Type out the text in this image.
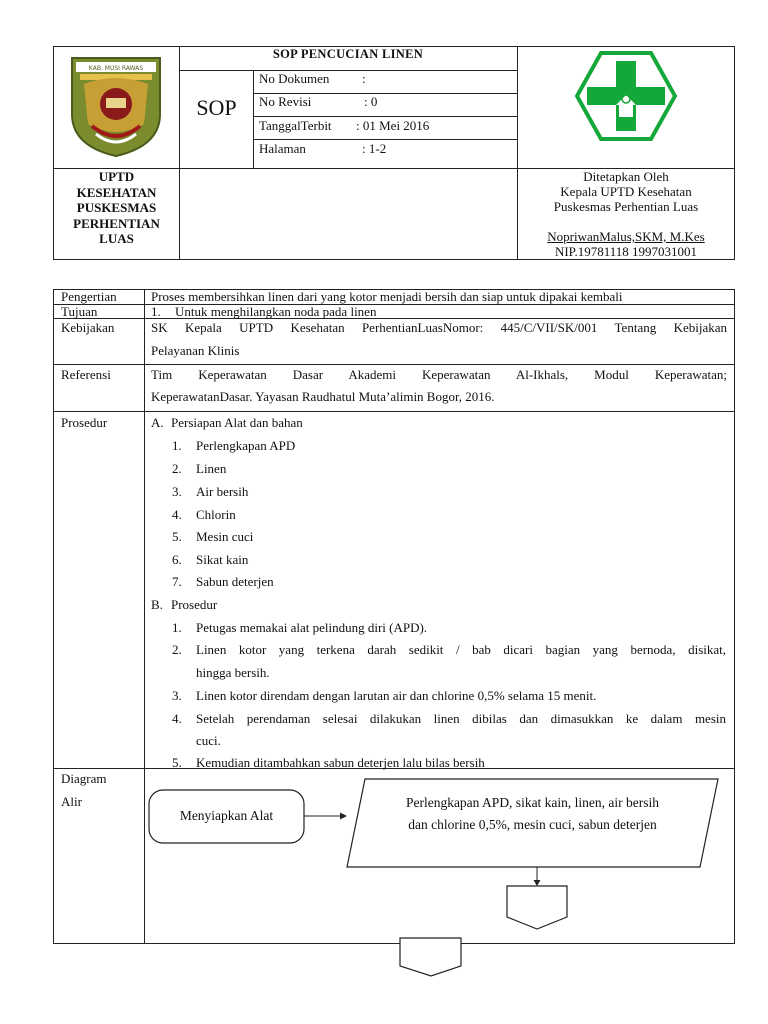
KAB. MUSI RAWAS
SOP PENCUCIAN LINEN
SOP
No Dokumen	:
No Revisi	: 0
TanggalTerbit : 01 Mei 2016
Halaman	: 1-2
UPTD
KESEHATAN
PUSKESMAS
PERHENTIAN
LUAS
Ditetapkan Oleh
Kepala UPTD Kesehatan
Puskesmas Perhentian Luas
NopriwanMalus,SKM, M.Kes
NIP.19781118 1997031001
Pengertian	Proses membersihkan linen dari yang kotor menjadi bersih dan siap untuk dipakai kembali
Tujuan	1. Untuk menghilangkan noda pada linen
Kebijakan	SK Kepala UPTD Kesehatan PerhentianLuasNomor: 445/C/VII/SK/001 Tentang Kebijakan
Pelayanan Klinis
Referensi	Tim Keperawatan Dasar Akademi Keperawatan Al-Ikhals, Modul Keperawatan;
KeperawatanDasar. Yayasan Raudhatul Muta’alimin Bogor, 2016.
Prosedur	A. Persiapan Alat dan bahan
1. Perlengkapan APD
2. Linen
3. Air bersih
4. Chlorin
5. Mesin cuci
6. Sikat kain
7. Sabun deterjen
B. Prosedur
1. Petugas memakai alat pelindung diri (APD).
2. Linen kotor yang terkena darah sedikit / bab dicari bagian yang bernoda, disikat,
hingga bersih.
3. Linen kotor direndam dengan larutan air dan chlorine 0,5% selama 15 menit.
4. Setelah perendaman selesai dilakukan linen dibilas dan dimasukkan ke dalam mesin
cuci.
5. Kemudian ditambahkan sabun deterjen lalu bilas bersih
Diagram
Alir
Menyiapkan Alat
Perlengkapan APD, sikat kain, linen, air bersih
dan chlorine 0,5%, mesin cuci, sabun deterjen
